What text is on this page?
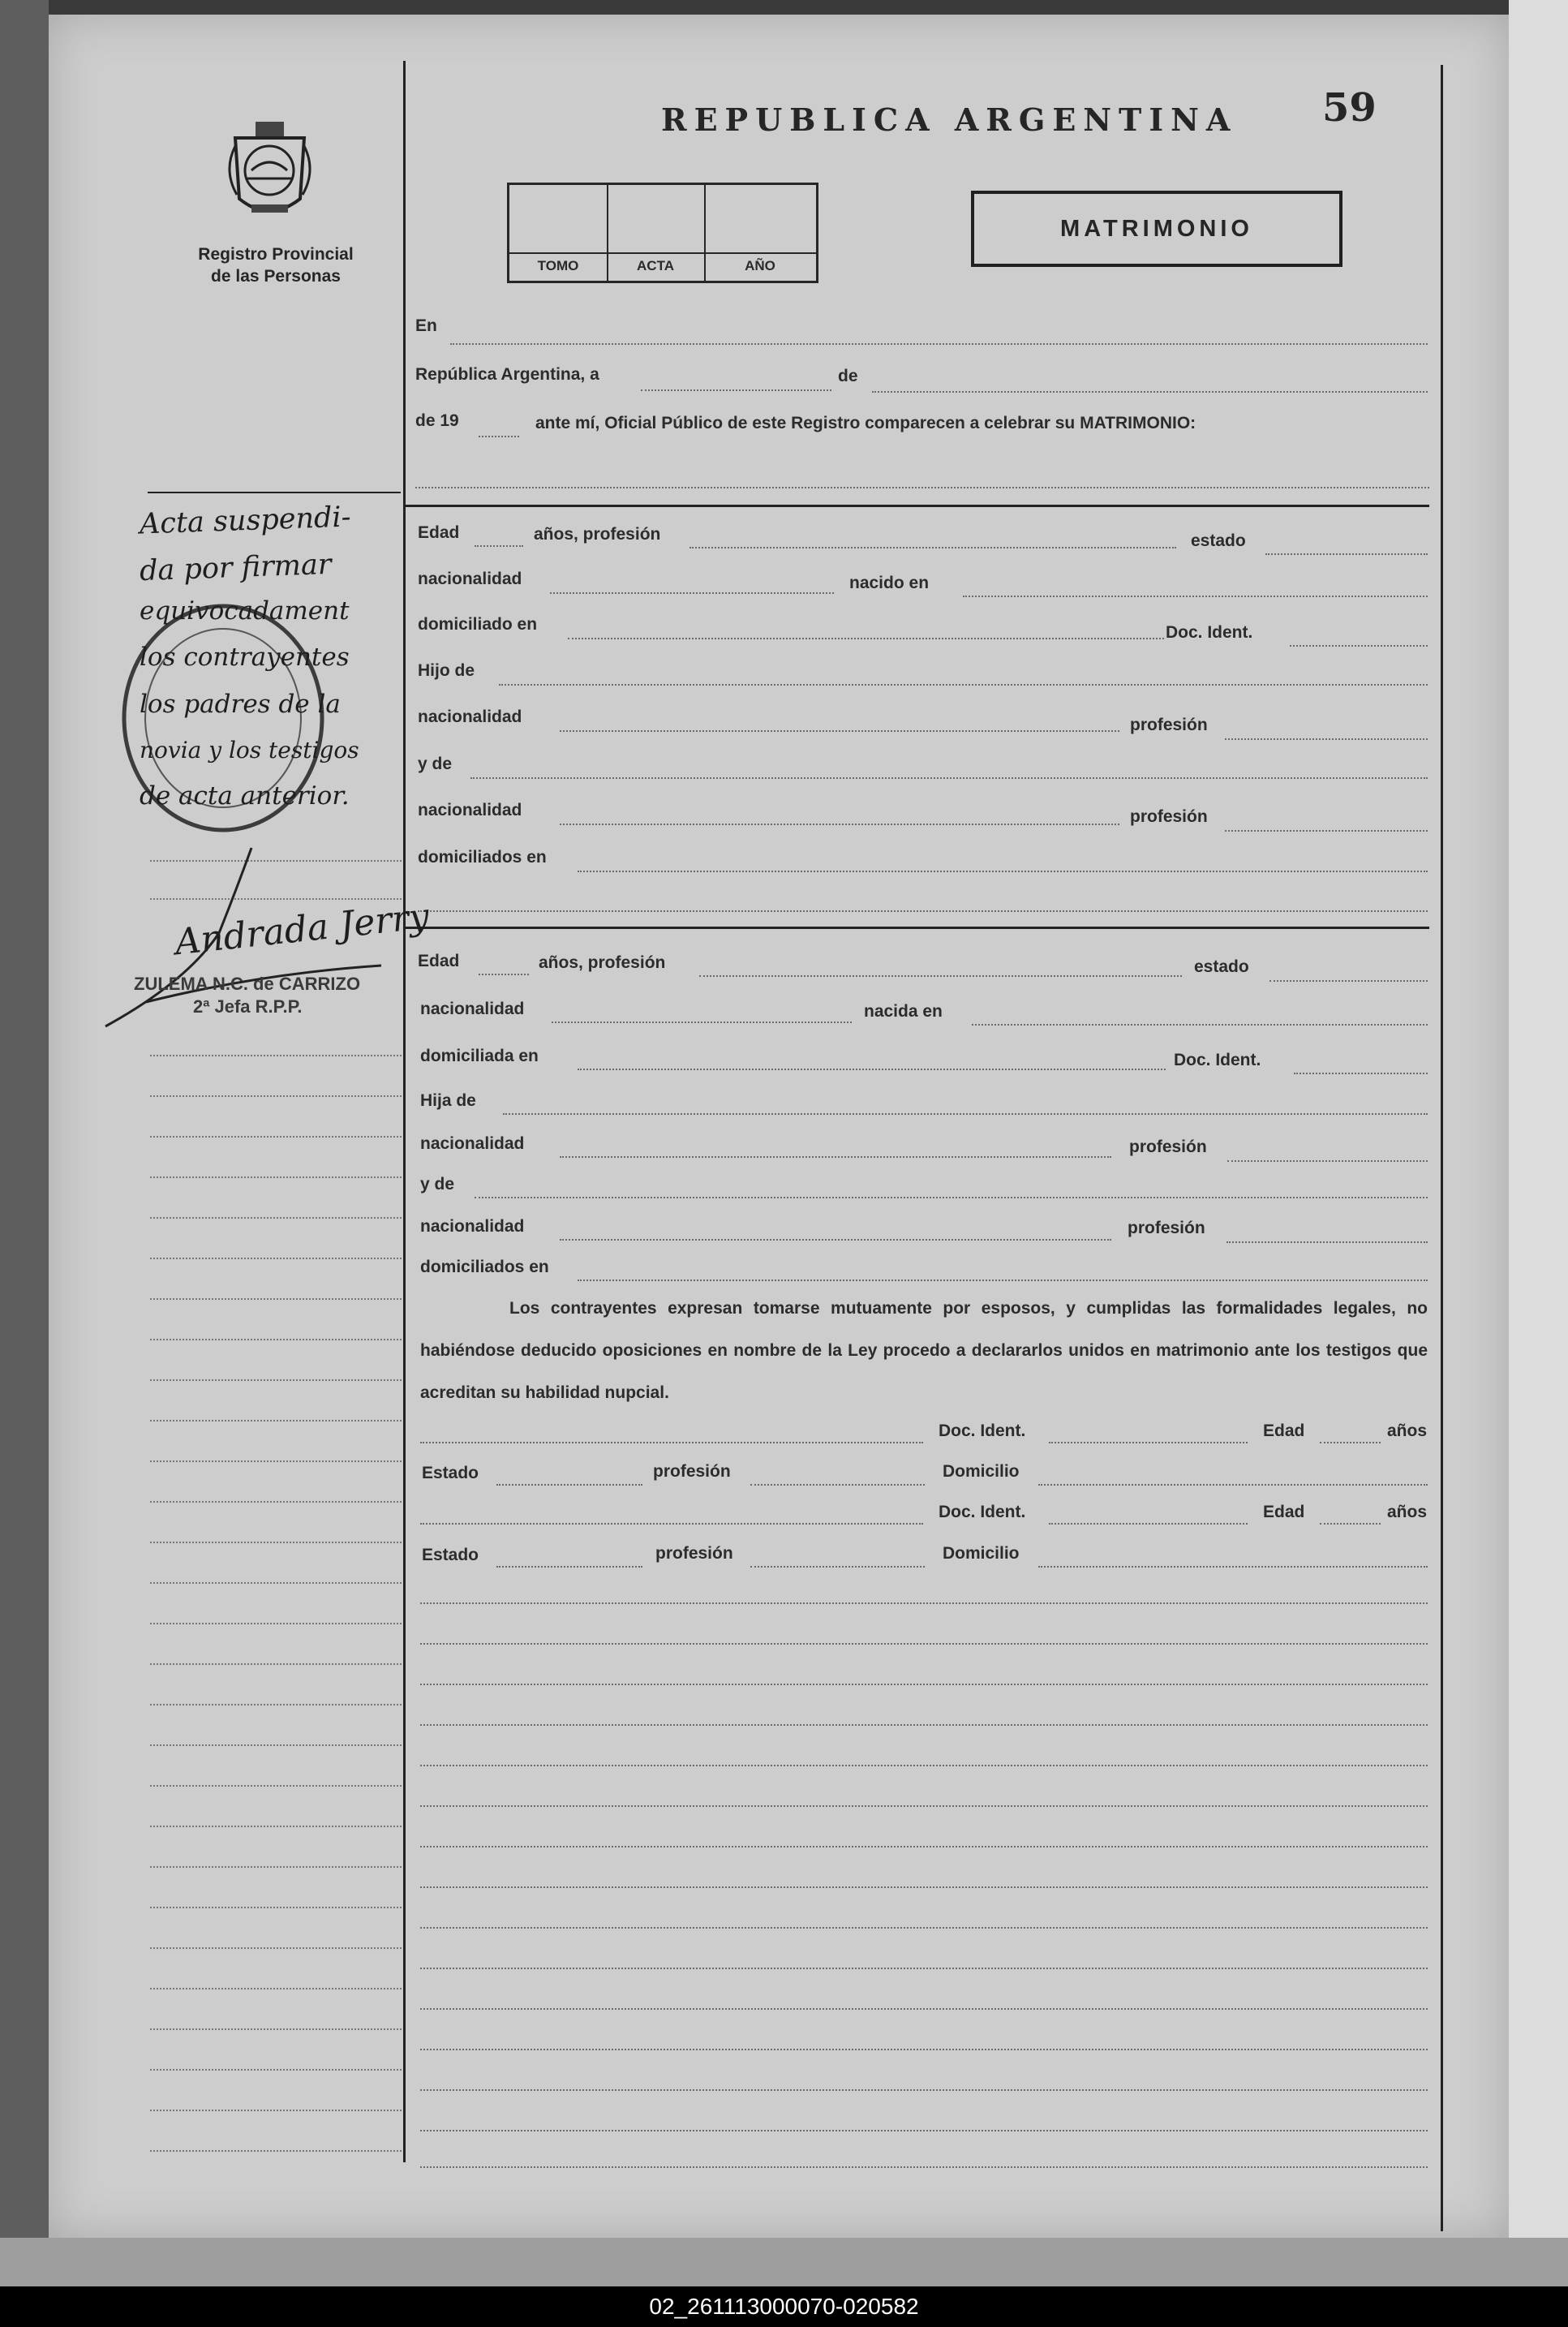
Registro Provincial
de las Personas
REPUBLICA ARGENTINA 59
TOMO	ACTA	AÑO
MATRIMONIO
En
República Argentina, a	de
de 19	ante mí, Oficial Público de este Registro comparecen a celebrar su MATRIMONIO:
Edad	años, profesión	estado
nacionalidad	nacido en
domiciliado en	Doc. Ident.
Hijo de
nacionalidad	profesión
y de
nacionalidad	profesión
domiciliados en
Edad	años, profesión	estado
nacionalidad	nacida en
domiciliada en	Doc. Ident.
Hija de
nacionalidad	profesión
y de
nacionalidad	profesión
domiciliados en
Los contrayentes expresan tomarse mutuamente por esposos, y cumplidas las formalidades legales, no habiéndose deducido oposiciones en nombre de la Ley procedo a declararlos unidos en matrimonio ante los testigos que acreditan su habilidad nupcial.
Doc. Ident.	Edad	años
Estado	profesión	Domicilio
Doc. Ident.	Edad	años
Estado	profesión	Domicilio
Acta suspendi-
da por firmar
equivocadament
los contrayentes
los padres de la
novia y los testigos
de acta anterior.
Andrada Jerry
ZULEMA N.C. de CARRIZO
2ª Jefa R.P.P.
02_261113000070-020582
